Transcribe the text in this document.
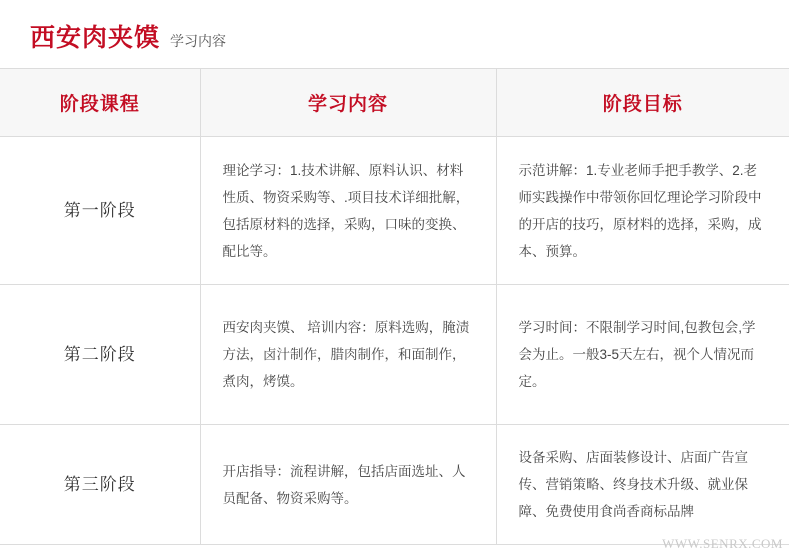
西安肉夹馍 学习内容
阶段课程	学习内容	阶段目标
第一阶段	理论学习：1.技术讲解、原料认识、材料性质、物资采购等、.项目技术详细批解，包括原材料的选择，采购，口味的变换、配比等。	示范讲解：1.专业老师手把手教学、2.老师实践操作中带领你回忆理论学习阶段中的开店的技巧，原材料的选择，采购，成本、预算。
第二阶段	西安肉夹馍、 培训内容：原料选购，腌渍方法，卤汁制作，腊肉制作，和面制作，煮肉，烤馍。	学习时间：不限制学习时间,包教包会,学会为止。一般3-5天左右，视个人情况而定。
第三阶段	开店指导：流程讲解，包括店面选址、人员配备、物资采购等。	设备采购、店面装修设计、店面广告宣传、营销策略、终身技术升级、就业保障、免费使用食尚香商标品牌
WWW.SENRX.COM
